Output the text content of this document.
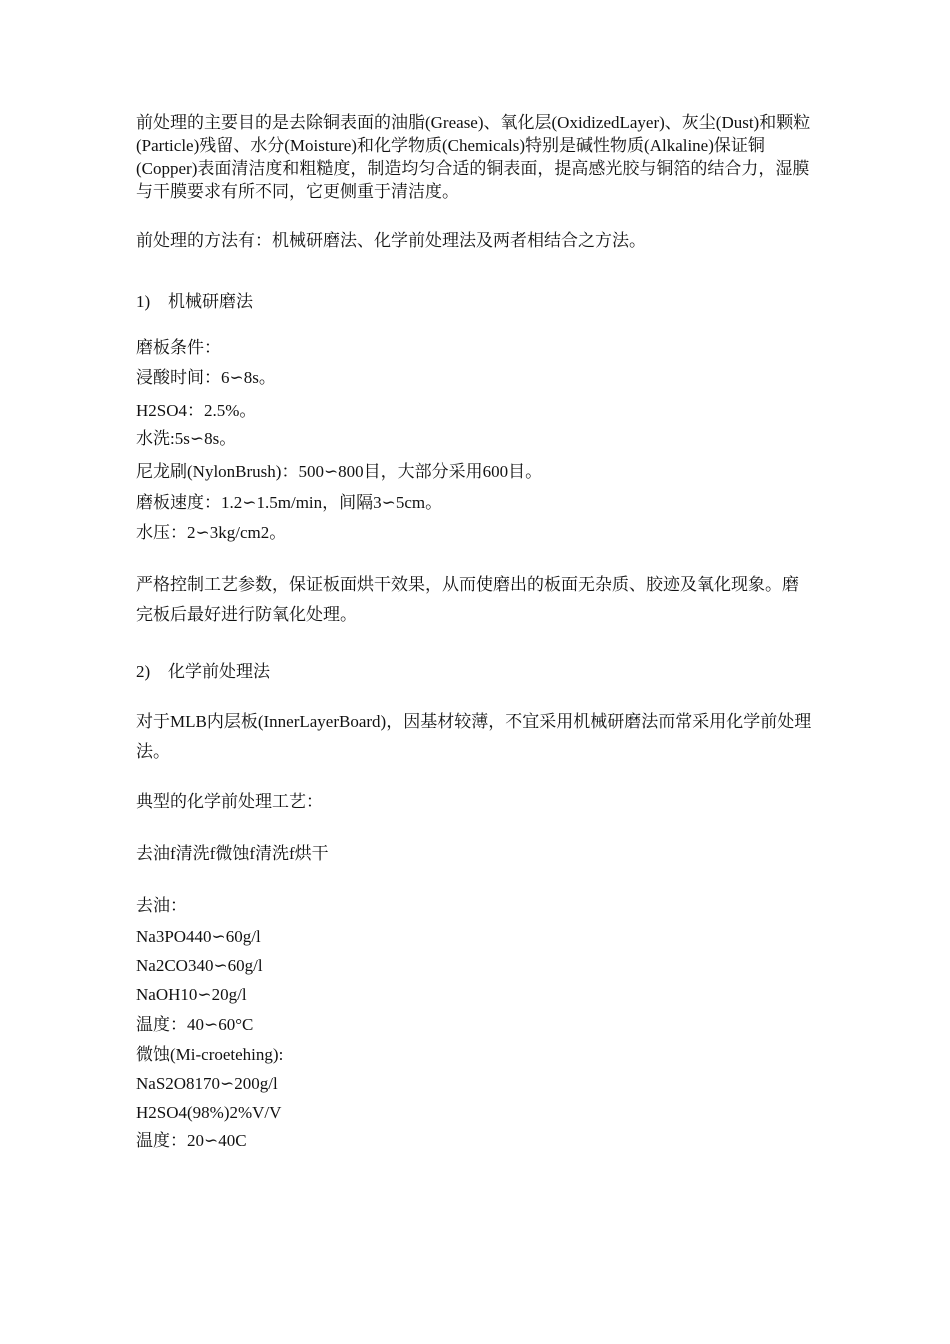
前处理的主要目的是去除铜表面的油脂(Grease)、氧化层(OxidizedLayer)、灰尘(Dust)和颗粒(Particle)残留、水分(Moisture)和化学物质(Chemicals)特别是碱性物质(Alkaline)保证铜(Copper)表面清洁度和粗糙度，制造均匀合适的铜表面，提高感光胶与铜箔的结合力，湿膜与干膜要求有所不同，它更侧重于清洁度。

前处理的方法有：机械研磨法、化学前处理法及两者相结合之方法。

1) 机械研磨法

磨板条件：

浸酸时间：6∽8s。

H2SO4：2.5%。

水洗:5s∽8s。

尼龙刷(NylonBrush)：500∽800目，大部分采用600目。

磨板速度：1.2∽1.5m/min，间隔3∽5cm。

水压：2∽3kg/cm2。

严格控制工艺参数，保证板面烘干效果，从而使磨出的板面无杂质、胶迹及氧化现象。磨完板后最好进行防氧化处理。

2) 化学前处理法

对于MLB内层板(InnerLayerBoard)，因基材较薄，不宜采用机械研磨法而常采用化学前处理法。

典型的化学前处理工艺：

去油f清洗f微蚀f清洗f烘干

去油：

Na3PO440∽60g/l

Na2CO340∽60g/l

NaOH10∽20g/l

温度：40∽60°C

微蚀(Mi-croetehing):

NaS2O8170∽200g/l

H2SO4(98%)2%V/V

温度：20∽40C
